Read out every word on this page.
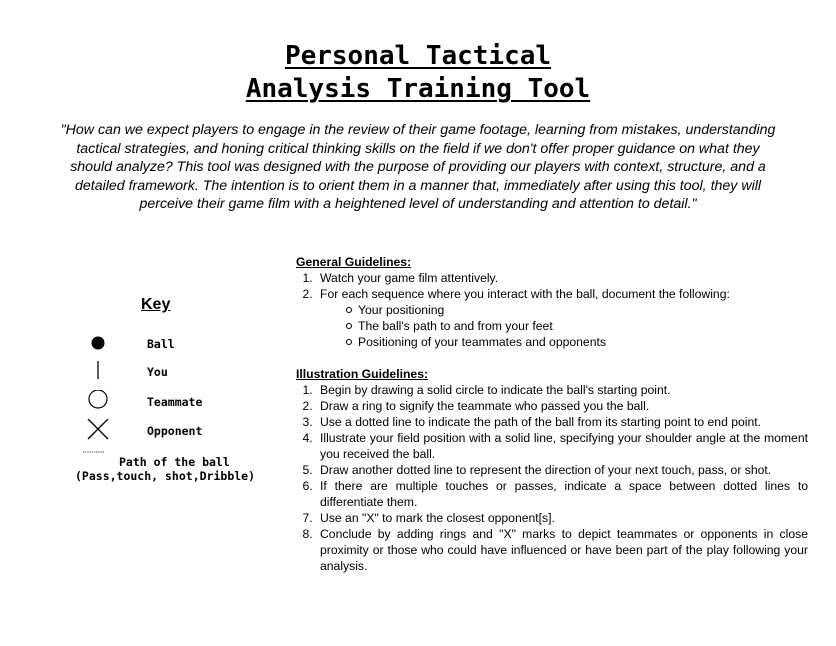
Personal Tactical
Analysis Training Tool
"How can we expect players to engage in the review of their game footage, learning from mistakes, understanding tactical strategies, and honing critical thinking skills on the field if we don't offer proper guidance on what they should analyze? This tool was designed with the purpose of providing our players with context, structure, and a detailed framework. The intention is to orient them in a manner that, immediately after using this tool, they will perceive their game film with a heightened level of understanding and attention to detail."
Key
Ball
You
Teammate
Opponent
Path of the ball
(Pass,touch, shot,Dribble)
General Guidelines:
1. Watch your game film attentively.
2. For each sequence where you interact with the ball, document the following:
Your positioning
The ball's path to and from your feet
Positioning of your teammates and opponents
Illustration Guidelines:
1. Begin by drawing a solid circle to indicate the ball's starting point.
2. Draw a ring to signify the teammate who passed you the ball.
3. Use a dotted line to indicate the path of the ball from its starting point to end point.
4. Illustrate your field position with a solid line, specifying your shoulder angle at the moment you received the ball.
5. Draw another dotted line to represent the direction of your next touch, pass, or shot.
6. If there are multiple touches or passes, indicate a space between dotted lines to differentiate them.
7. Use an "X" to mark the closest opponent[s].
8. Conclude by adding rings and "X" marks to depict teammates or opponents in close proximity or those who could have influenced or have been part of the play following your analysis.
